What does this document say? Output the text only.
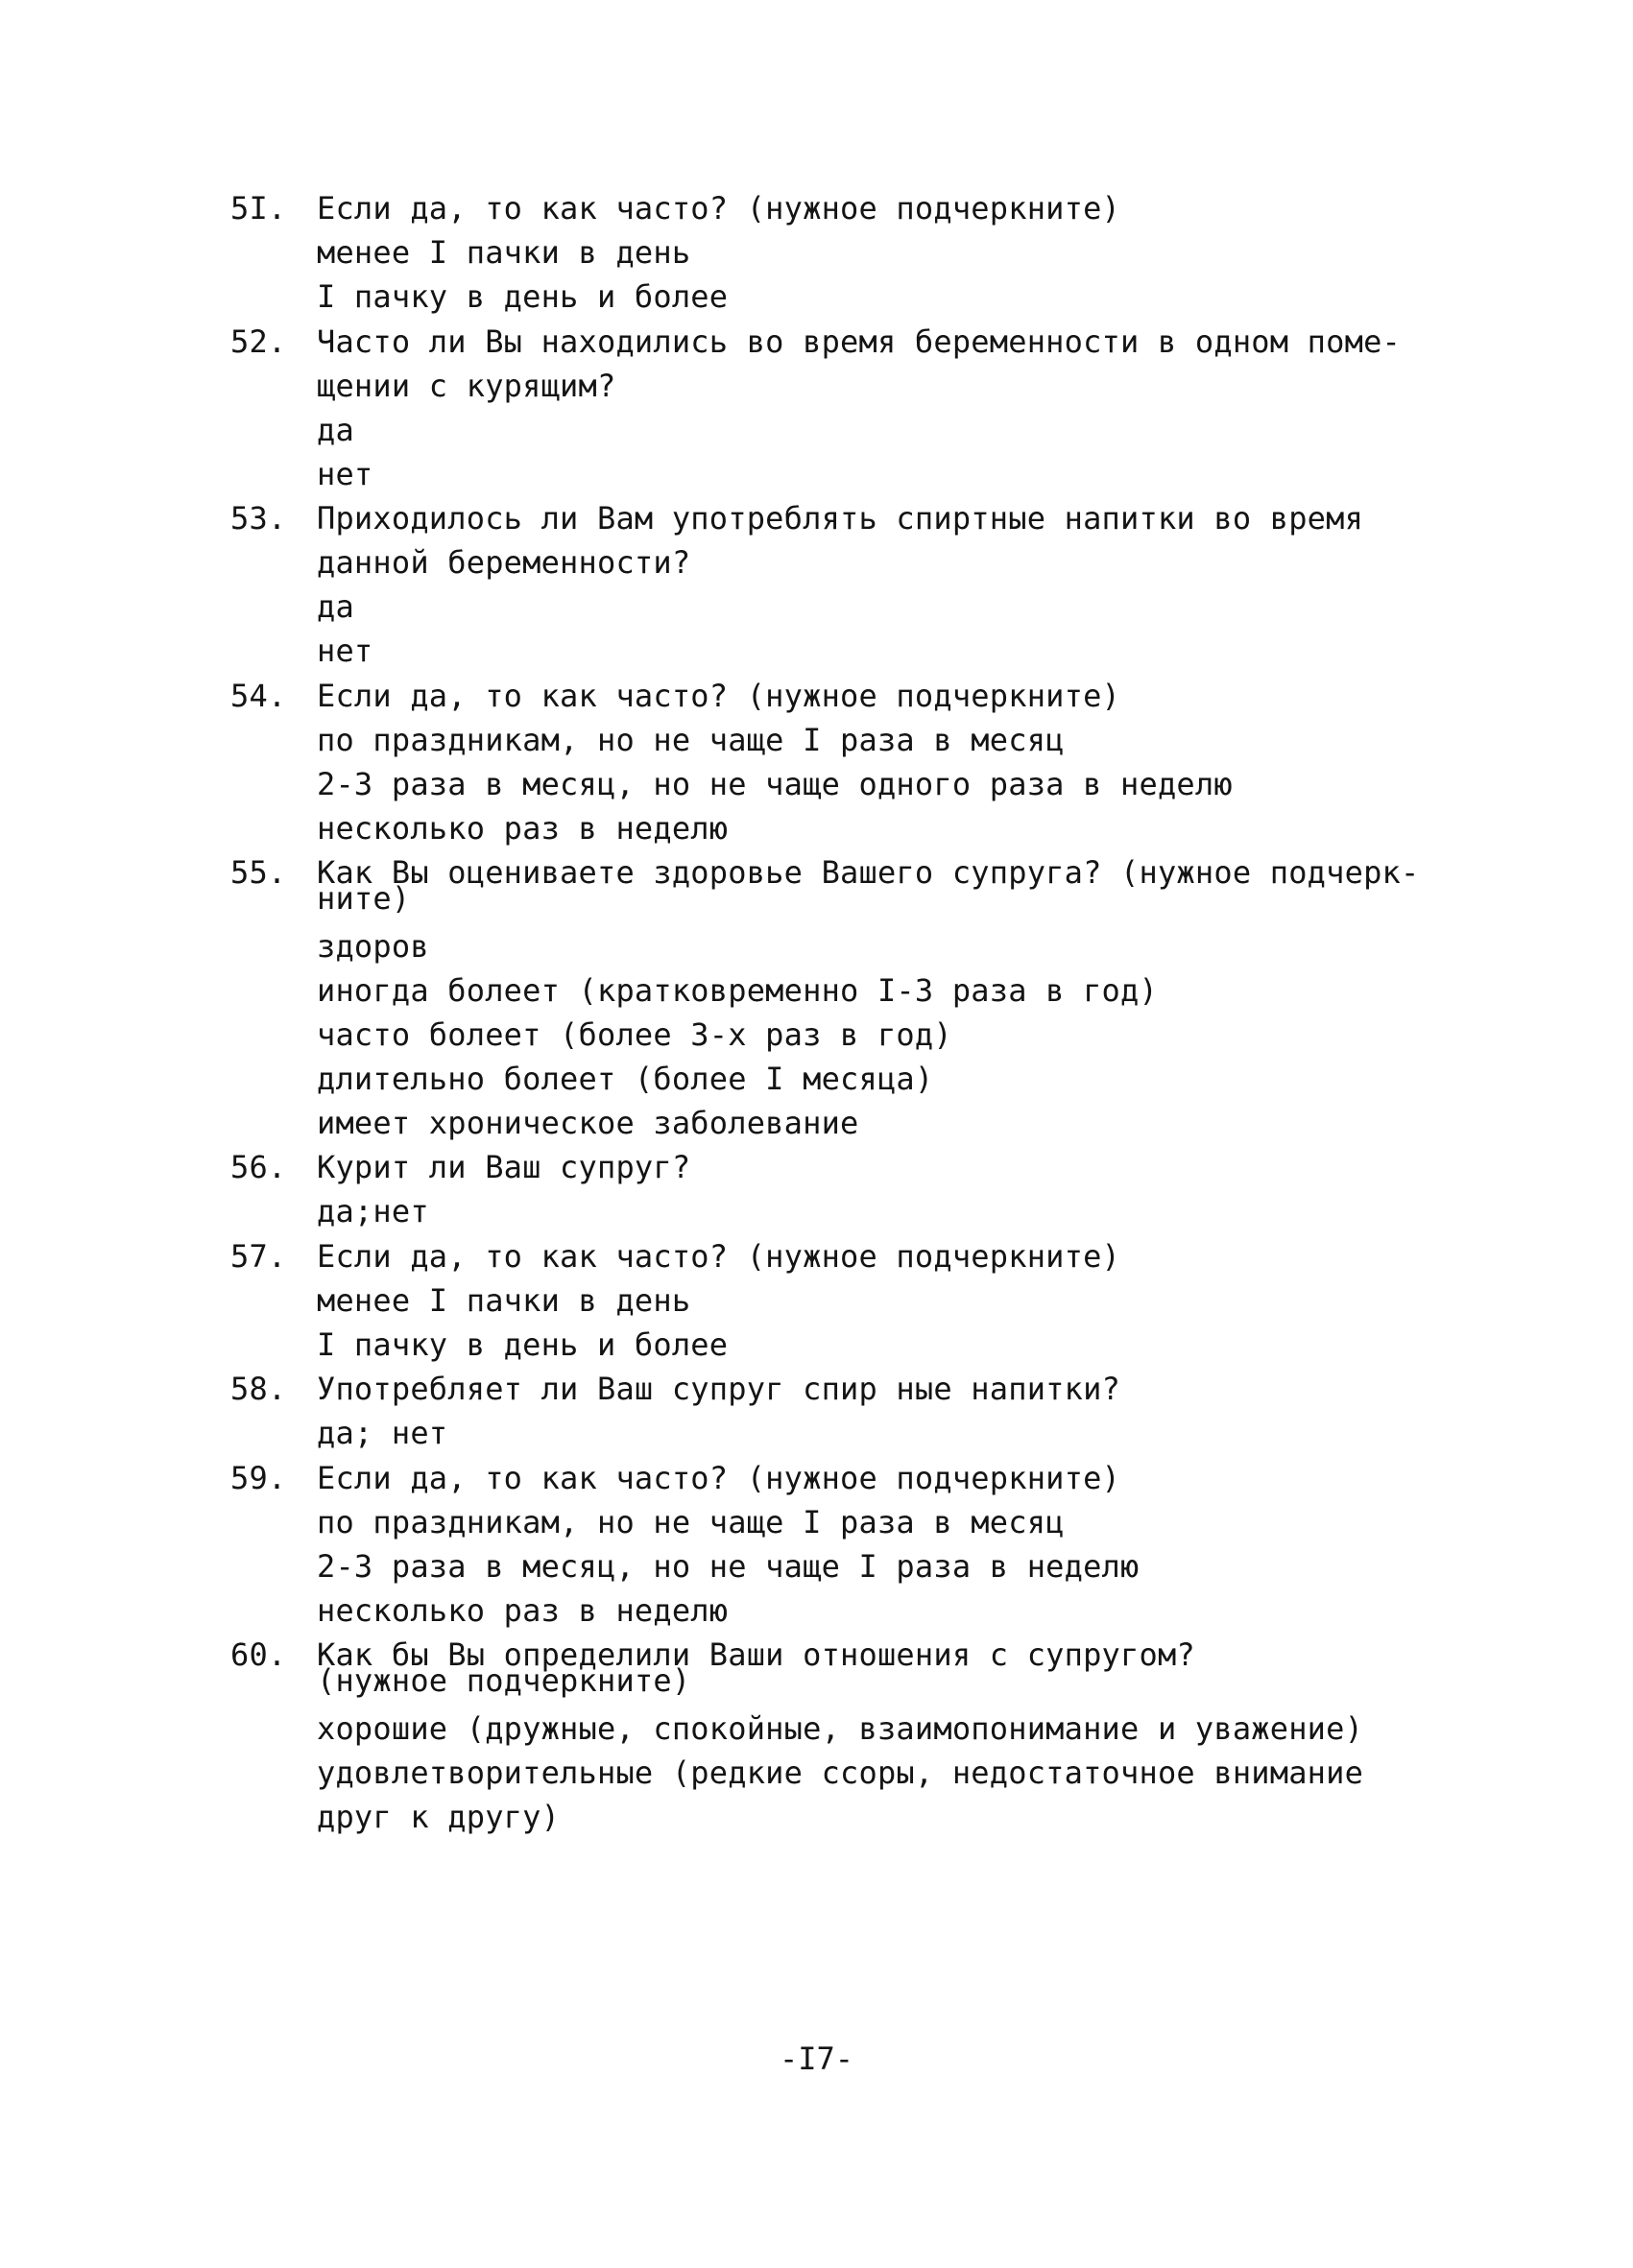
5I. Если да, то как часто? (нужное подчеркните)
менее I пачки в день
I пачку в день и более
52. Часто ли Вы находились во время беременности в одном поме-
щении с курящим?
да
нет
53. Приходилось ли Вам употреблять спиртные напитки во время
данной беременности?
да
нет
54. Если да, то как часто? (нужное подчеркните)
по праздникам, но не чаще I раза в месяц
2-3 раза в месяц, но не чаще одного раза в неделю
несколько раз в неделю
55. Как Вы оцениваете здоровье Вашего супруга? (нужное подчерк-
ните)
здоров
иногда болеет (кратковременно I-3 раза в год)
часто болеет (более 3-х раз в год)
длительно болеет (более I месяца)
имеет хроническое заболевание
56. Курит ли Ваш супруг?
да;нет
57. Если да, то как часто? (нужное подчеркните)
менее I пачки в день
I пачку в день и более
58. Употребляет ли Ваш супруг спир ные напитки?
да; нет
59. Если да, то как часто? (нужное подчеркните)
по праздникам, но не чаще I раза в месяц
2-3 раза в месяц, но не чаще I раза в неделю
несколько раз в неделю
60. Как бы Вы определили Ваши отношения с супругом?
(нужное подчеркните)
хорошие (дружные, спокойные, взаимопонимание и уважение)
удовлетворительные (редкие ссоры, недостаточное внимание
друг к другу)
-I7-
